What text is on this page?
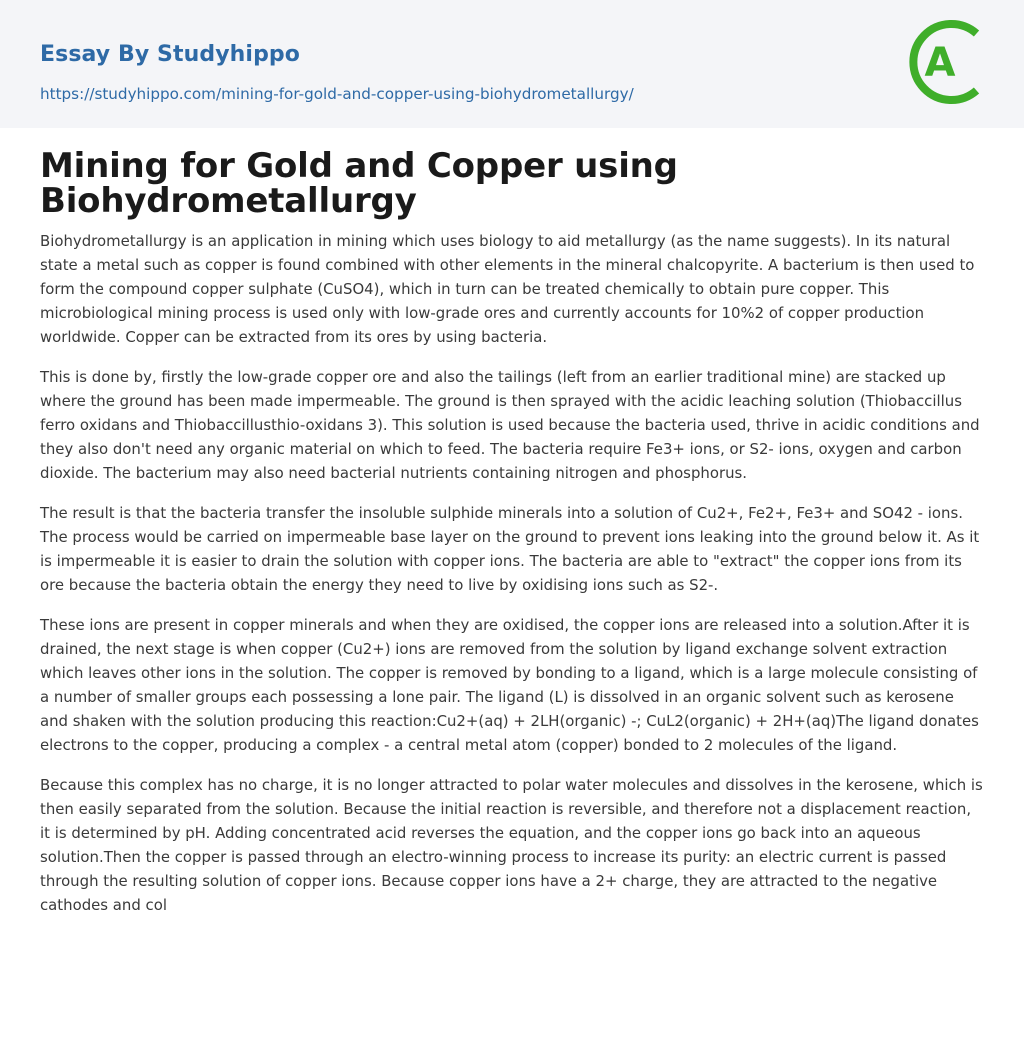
Essay By Studyhippo
https://studyhippo.com/mining-for-gold-and-copper-using-biohydrometallurgy/
A
Mining for Gold and Copper using Biohydrometallurgy

Biohydrometallurgy is an application in mining which uses biology to aid metallurgy (as the name suggests). In its natural state a metal such as copper is found combined with other elements in the mineral chalcopyrite. A bacterium is then used to form the compound copper sulphate (CuSO4), which in turn can be treated chemically to obtain pure copper. This microbiological mining process is used only with low-grade ores and currently accounts for 10%2 of copper production worldwide. Copper can be extracted from its ores by using bacteria.

This is done by, firstly the low-grade copper ore and also the tailings (left from an earlier traditional mine) are stacked up where the ground has been made impermeable. The ground is then sprayed with the acidic leaching solution (Thiobaccillus ferro oxidans and Thiobaccillusthio-oxidans 3). This solution is used because the bacteria used, thrive in acidic conditions and they also don't need any organic material on which to feed. The bacteria require Fe3+ ions, or S2- ions, oxygen and carbon dioxide. The bacterium may also need bacterial nutrients containing nitrogen and phosphorus.

The result is that the bacteria transfer the insoluble sulphide minerals into a solution of Cu2+, Fe2+, Fe3+ and SO42 - ions. The process would be carried on impermeable base layer on the ground to prevent ions leaking into the ground below it. As it is impermeable it is easier to drain the solution with copper ions. The bacteria are able to "extract" the copper ions from its ore because the bacteria obtain the energy they need to live by oxidising ions such as S2-.

These ions are present in copper minerals and when they are oxidised, the copper ions are released into a solution.After it is drained, the next stage is when copper (Cu2+) ions are removed from the solution by ligand exchange solvent extraction which leaves other ions in the solution. The copper is removed by bonding to a ligand, which is a large molecule consisting of a number of smaller groups each possessing a lone pair. The ligand (L) is dissolved in an organic solvent such as kerosene and shaken with the solution producing this reaction:Cu2+(aq) + 2LH(organic) -; CuL2(organic) + 2H+(aq)The ligand donates electrons to the copper, producing a complex - a central metal atom (copper) bonded to 2 molecules of the ligand.

Because this complex has no charge, it is no longer attracted to polar water molecules and dissolves in the kerosene, which is then easily separated from the solution. Because the initial reaction is reversible, and therefore not a displacement reaction, it is determined by pH. Adding concentrated acid reverses the equation, and the copper ions go back into an aqueous solution.Then the copper is passed through an electro-winning process to increase its purity: an electric current is passed through the resulting solution of copper ions. Because copper ions have a 2+ charge, they are attracted to the negative cathodes and col
